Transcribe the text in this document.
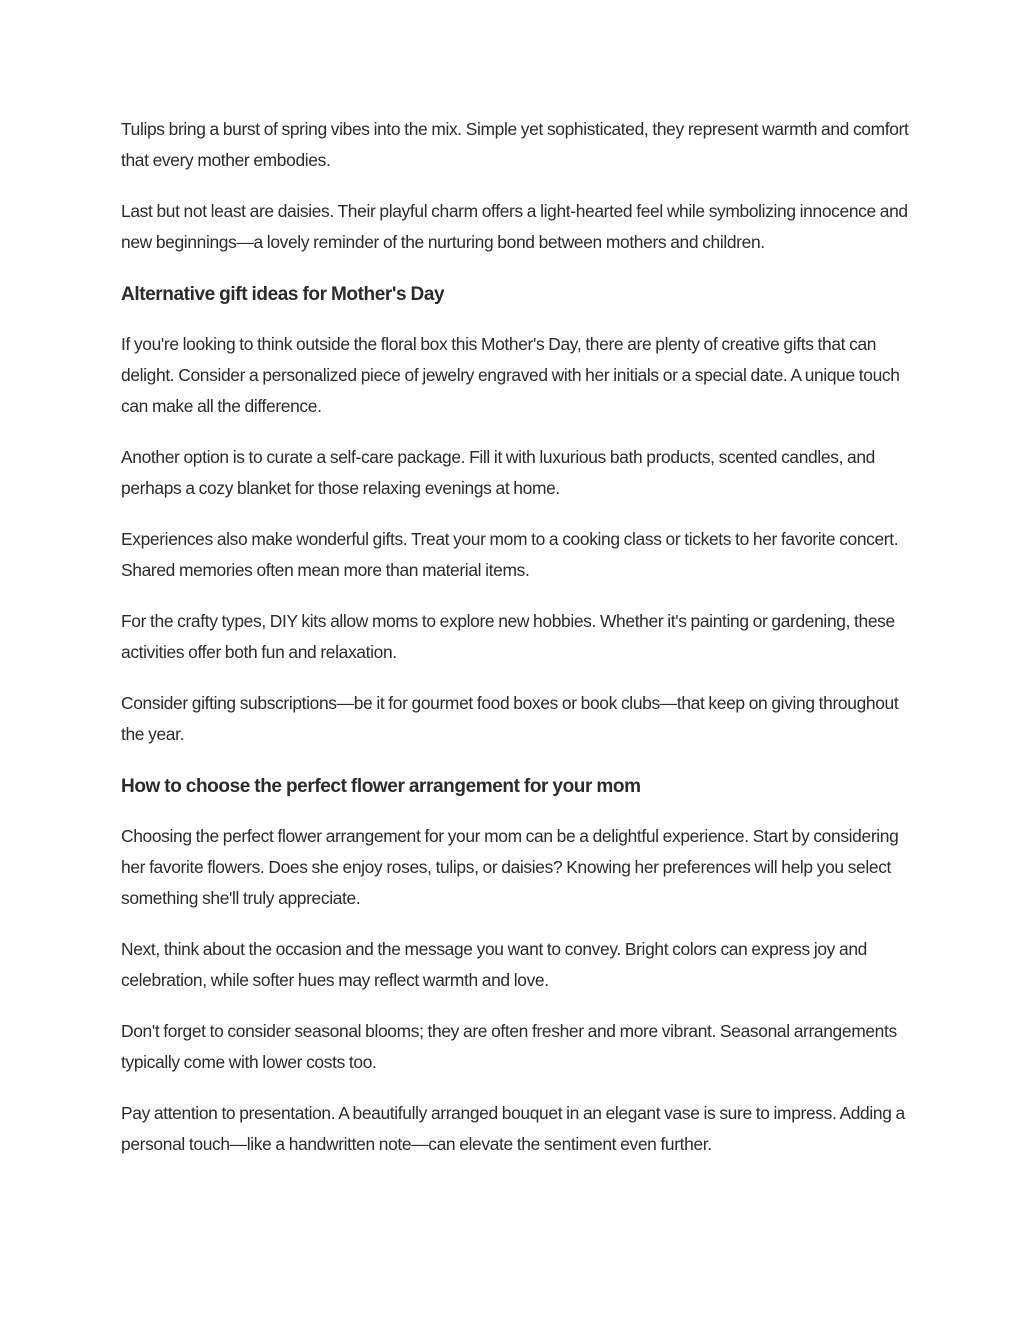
Tulips bring a burst of spring vibes into the mix. Simple yet sophisticated, they represent warmth and comfort that every mother embodies.

Last but not least are daisies. Their playful charm offers a light-hearted feel while symbolizing innocence and new beginnings—a lovely reminder of the nurturing bond between mothers and children.

Alternative gift ideas for Mother's Day

If you're looking to think outside the floral box this Mother's Day, there are plenty of creative gifts that can delight. Consider a personalized piece of jewelry engraved with her initials or a special date. A unique touch can make all the difference.

Another option is to curate a self-care package. Fill it with luxurious bath products, scented candles, and perhaps a cozy blanket for those relaxing evenings at home.

Experiences also make wonderful gifts. Treat your mom to a cooking class or tickets to her favorite concert. Shared memories often mean more than material items.

For the crafty types, DIY kits allow moms to explore new hobbies. Whether it's painting or gardening, these activities offer both fun and relaxation.

Consider gifting subscriptions—be it for gourmet food boxes or book clubs—that keep on giving throughout the year.

How to choose the perfect flower arrangement for your mom

Choosing the perfect flower arrangement for your mom can be a delightful experience. Start by considering her favorite flowers. Does she enjoy roses, tulips, or daisies? Knowing her preferences will help you select something she'll truly appreciate.

Next, think about the occasion and the message you want to convey. Bright colors can express joy and celebration, while softer hues may reflect warmth and love.

Don't forget to consider seasonal blooms; they are often fresher and more vibrant. Seasonal arrangements typically come with lower costs too.

Pay attention to presentation. A beautifully arranged bouquet in an elegant vase is sure to impress. Adding a personal touch—like a handwritten note—can elevate the sentiment even further.
